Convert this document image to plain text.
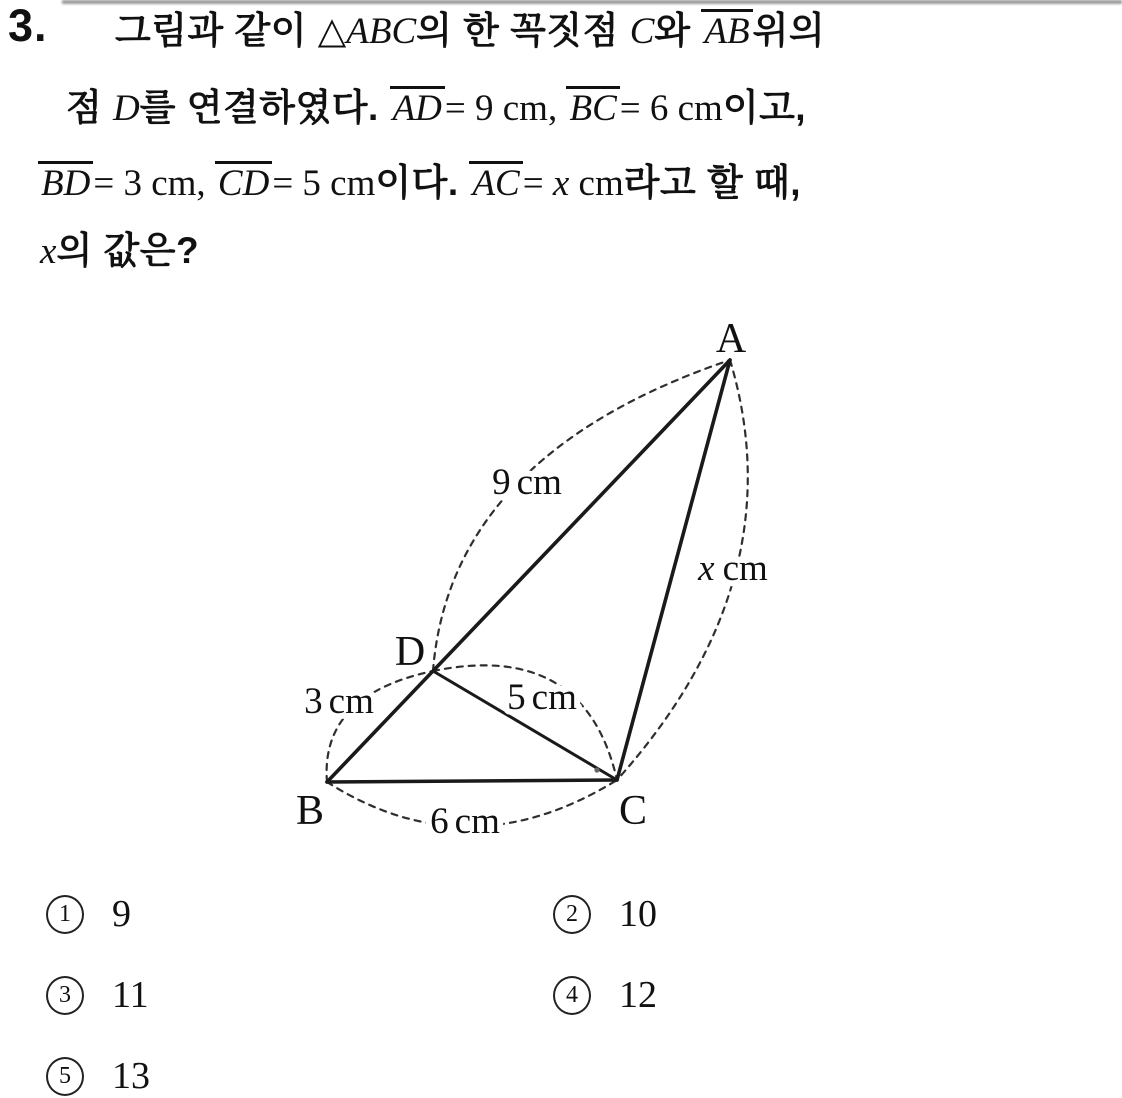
3. 그림과 같이 △ABC의 한 꼭짓점 C와 AB위의
점 D를 연결하였다. AD= 9 cm, BC= 6 cm이고,
BD= 3 cm, CD= 5 cm이다. AC= x cm라고 할 때,
x의 값은?
A
B	C
D
9 cm
x cm
3 cm	5 cm
6 cm
1 9	2 10
3 11	4 12
5 13
